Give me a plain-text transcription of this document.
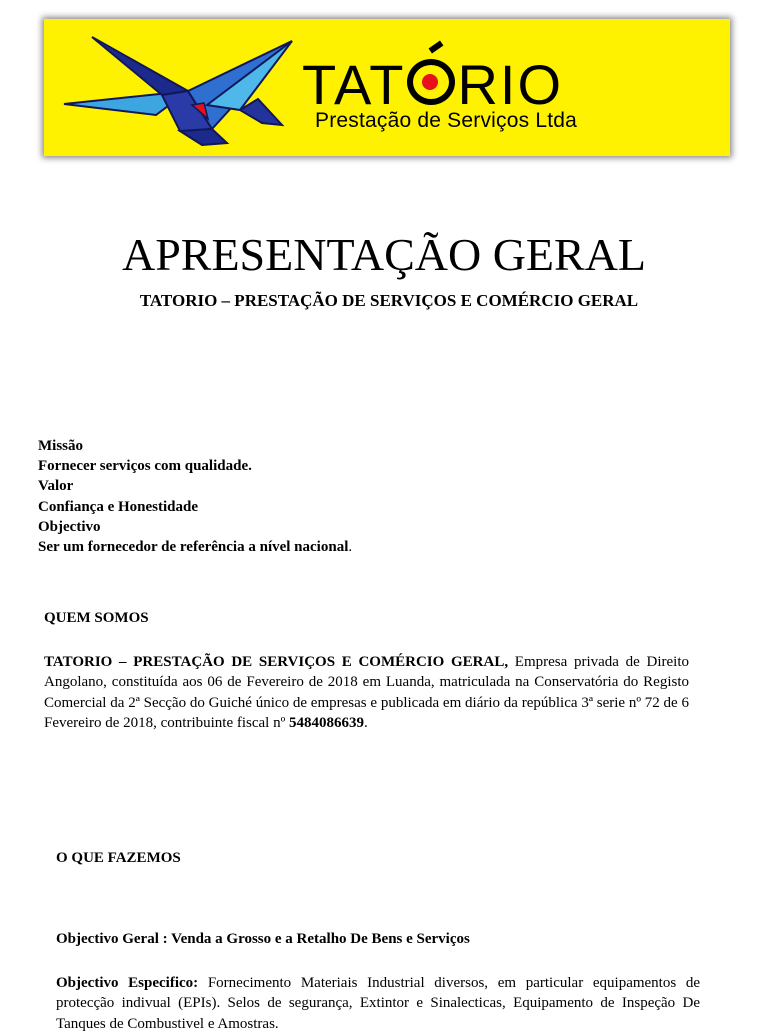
TAT RIO
Prestação de Serviços Ltda
APRESENTAÇÃO GERAL
TATORIO – PRESTAÇÃO DE SERVIÇOS E COMÉRCIO GERAL
Missão
Fornecer serviços com qualidade.
Valor
Confiança e Honestidade
Objectivo
Ser um fornecedor de referência a nível nacional.
QUEM SOMOS
TATORIO – PRESTAÇÃO DE SERVIÇOS E COMÉRCIO GERAL, Empresa privada de Direito Angolano, constituída aos 06 de Fevereiro de 2018 em Luanda, matriculada na Conservatória do Registo Comercial da 2ª Secção do Guiché único de empresas e publicada em diário da república 3ª serie nº 72 de 6 Fevereiro de 2018, contribuinte fiscal nº 5484086639.
O QUE FAZEMOS
Objectivo Geral : Venda a Grosso e a Retalho De Bens e Serviços
Objectivo Especifico: Fornecimento Materiais Industrial diversos, em particular equipamentos de protecção indivual (EPIs). Selos de segurança, Extintor e Sinalecticas, Equipamento de Inspeção De Tanques de Combustivel e Amostras.
